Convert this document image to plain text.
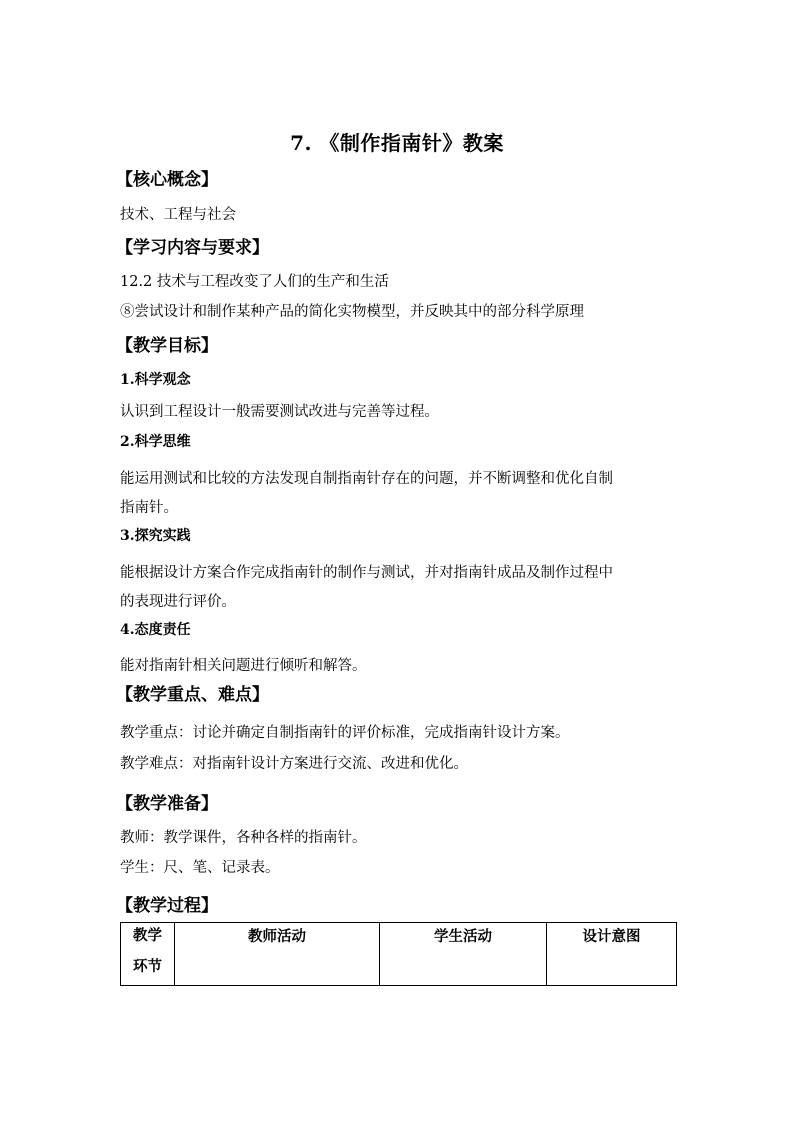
7. 《制作指南针》教案
【核心概念】
技术、工程与社会
【学习内容与要求】
12.2 技术与工程改变了人们的生产和生活
⑧尝试设计和制作某种产品的简化实物模型，并反映其中的部分科学原理
【教学目标】
1.科学观念
认识到工程设计一般需要测试改进与完善等过程。
2.科学思维
能运用测试和比较的方法发现自制指南针存在的问题，并不断调整和优化自制
指南针。
3.探究实践
能根据设计方案合作完成指南针的制作与测试，并对指南针成品及制作过程中
的表现进行评价。
4.态度责任
能对指南针相关问题进行倾听和解答。
【教学重点、难点】
教学重点：讨论并确定自制指南针的评价标准，完成指南针设计方案。
教学难点：对指南针设计方案进行交流、改进和优化。
【教学准备】
教师：教学课件，各种各样的指南针。
学生：尺、笔、记录表。
【教学过程】
教学
环节
	教师活动	学生活动	设计意图
